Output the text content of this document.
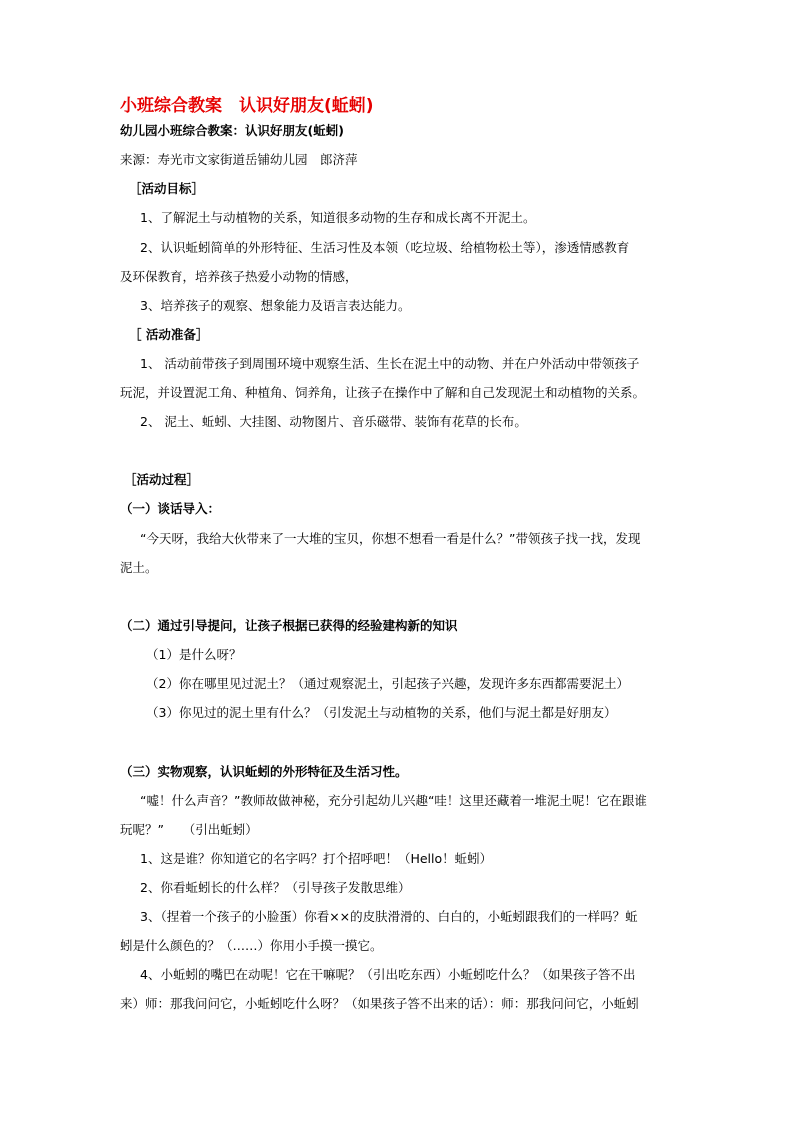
小班综合教案　认识好朋友(蚯蚓)
幼儿园小班综合教案：认识好朋友(蚯蚓)
来源：寿光市文家街道岳铺幼儿园　郎济萍
［活动目标］
1、了解泥土与动植物的关系，知道很多动物的生存和成长离不开泥土。
2、认识蚯蚓简单的外形特征、生活习性及本领（吃垃圾、给植物松土等），渗透情感教育
及环保教育，培养孩子热爱小动物的情感，
3、培养孩子的观察、想象能力及语言表达能力。
［ 活动准备］
1、 活动前带孩子到周围环境中观察生活、生长在泥土中的动物、并在户外活动中带领孩子
玩泥，并设置泥工角、种植角、饲养角，让孩子在操作中了解和自己发现泥土和动植物的关系。
2、 泥土、蚯蚓、大挂图、动物图片、音乐磁带、装饰有花草的长布。
［活动过程］
（一）谈话导入：
“今天呀，我给大伙带来了一大堆的宝贝，你想不想看一看是什么？”带领孩子找一找，发现
泥土。
（二）通过引导提问，让孩子根据已获得的经验建构新的知识
（1）是什么呀？
（2）你在哪里见过泥土？（通过观察泥土，引起孩子兴趣，发现许多东西都需要泥土）
（3）你见过的泥土里有什么？（引发泥土与动植物的关系，他们与泥土都是好朋友）
（三）实物观察，认识蚯蚓的外形特征及生活习性。
“嘘！什么声音？”教师故做神秘，充分引起幼儿兴趣“哇！这里还藏着一堆泥土呢！它在跟谁
玩呢？”　　（引出蚯蚓）
1、这是谁？你知道它的名字吗？打个招呼吧！（Hello！蚯蚓）
2、你看蚯蚓长的什么样？（引导孩子发散思维）
3、（捏着一个孩子的小脸蛋）你看××的皮肤滑滑的、白白的，小蚯蚓跟我们的一样吗？蚯
蚓是什么颜色的？（……）你用小手摸一摸它。
4、小蚯蚓的嘴巴在动呢！它在干嘛呢？（引出吃东西）小蚯蚓吃什么？（如果孩子答不出
来）师：那我问问它，小蚯蚓吃什么呀？（如果孩子答不出来的话）：师：那我问问它，小蚯蚓
